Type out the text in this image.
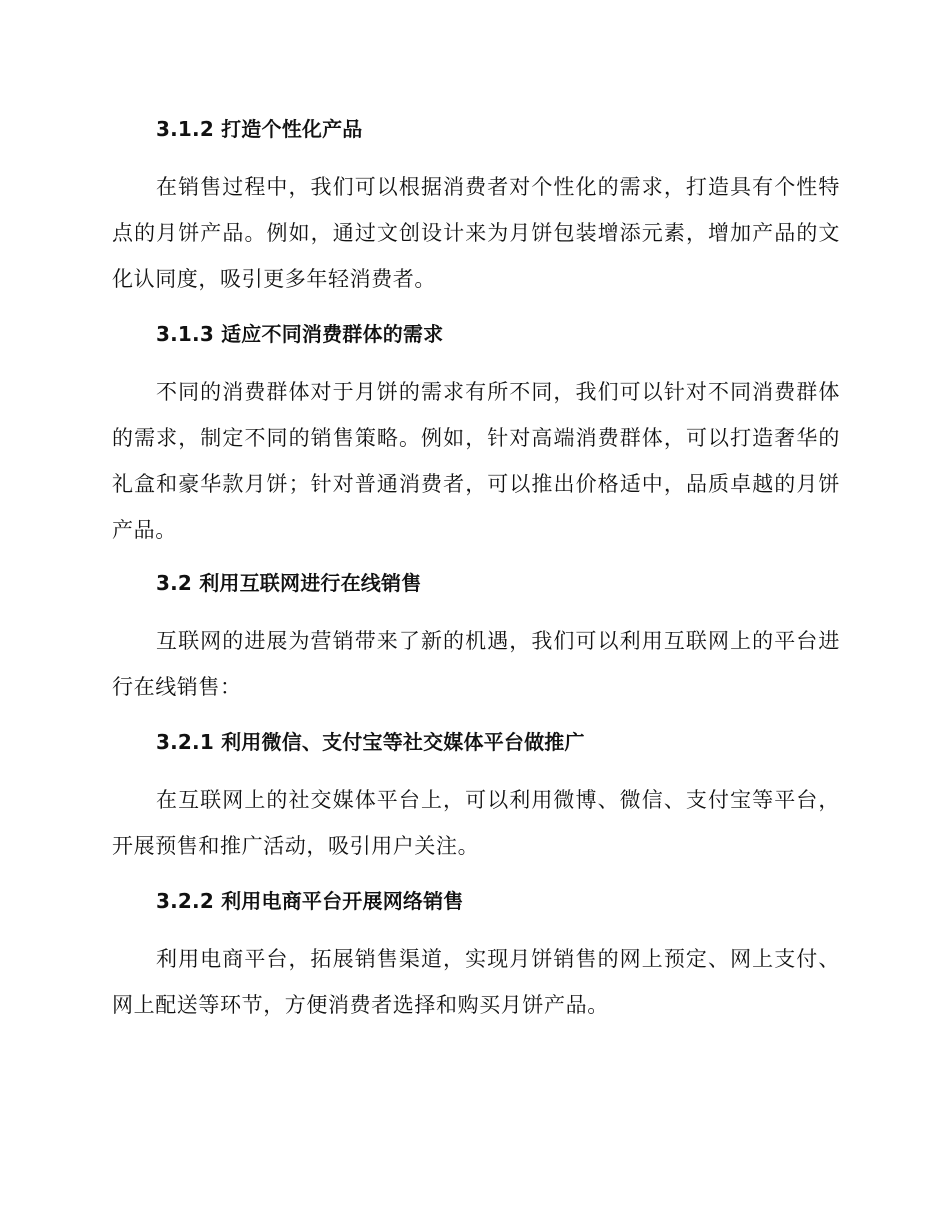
3.1.2 打造个性化产品
在销售过程中，我们可以根据消费者对个性化的需求，打造具有个性特点的月饼产品。例如，通过文创设计来为月饼包装增添元素，增加产品的文化认同度，吸引更多年轻消费者。
3.1.3 适应不同消费群体的需求
不同的消费群体对于月饼的需求有所不同，我们可以针对不同消费群体的需求，制定不同的销售策略。例如，针对高端消费群体，可以打造奢华的礼盒和豪华款月饼；针对普通消费者，可以推出价格适中，品质卓越的月饼产品。
3.2 利用互联网进行在线销售
互联网的进展为营销带来了新的机遇，我们可以利用互联网上的平台进行在线销售：
3.2.1 利用微信、支付宝等社交媒体平台做推广
在互联网上的社交媒体平台上，可以利用微博、微信、支付宝等平台，开展预售和推广活动，吸引用户关注。
3.2.2 利用电商平台开展网络销售
利用电商平台，拓展销售渠道，实现月饼销售的网上预定、网上支付、网上配送等环节，方便消费者选择和购买月饼产品。
